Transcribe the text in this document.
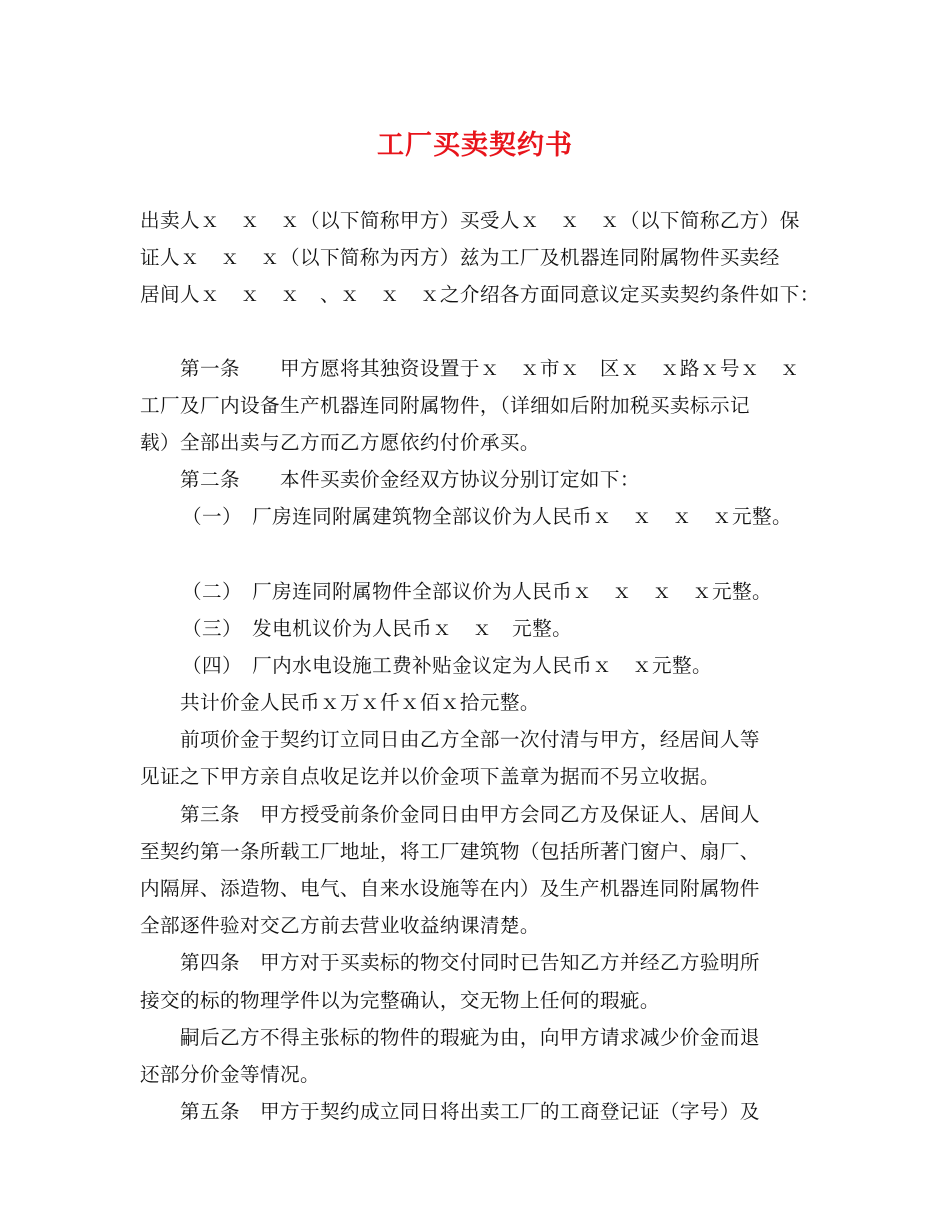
工厂买卖契约书
出卖人ｘ　ｘ　ｘ（以下简称甲方）买受人ｘ　ｘ　ｘ（以下简称乙方）保
证人ｘ　ｘ　ｘ（以下简称为丙方）兹为工厂及机器连同附属物件买卖经
居间人ｘ　ｘ　ｘ　、ｘ　ｘ　ｘ之介绍各方面同意议定买卖契约条件如下：
第一条　　甲方愿将其独资设置于ｘ　ｘ市ｘ　区ｘ　ｘ路ｘ号ｘ　ｘ
工厂及厂内设备生产机器连同附属物件，（详细如后附加税买卖标示记
载）全部出卖与乙方而乙方愿依约付价承买。
第二条　　本件买卖价金经双方协议分别订定如下：
（一）　厂房连同附属建筑物全部议价为人民币ｘ　ｘ　ｘ　ｘ元整。
（二）　厂房连同附属物件全部议价为人民币ｘ　ｘ　ｘ　ｘ元整。
（三）　发电机议价为人民币ｘ　ｘ　元整。
（四）　厂内水电设施工费补贴金议定为人民币ｘ　ｘ元整。
共计价金人民币ｘ万ｘ仟ｘ佰ｘ拾元整。
前项价金于契约订立同日由乙方全部一次付清与甲方，经居间人等
见证之下甲方亲自点收足讫并以价金项下盖章为据而不另立收据。
第三条　甲方授受前条价金同日由甲方会同乙方及保证人、居间人
至契约第一条所载工厂地址，将工厂建筑物（包括所著门窗户、扇厂、
内隔屏、添造物、电气、自来水设施等在内）及生产机器连同附属物件
全部逐件验对交乙方前去营业收益纳课清楚。
第四条　甲方对于买卖标的物交付同时已告知乙方并经乙方验明所
接交的标的物理学件以为完整确认，交无物上任何的瑕疵。
嗣后乙方不得主张标的物件的瑕疵为由，向甲方请求减少价金而退
还部分价金等情况。
第五条　甲方于契约成立同日将出卖工厂的工商登记证（字号）及
